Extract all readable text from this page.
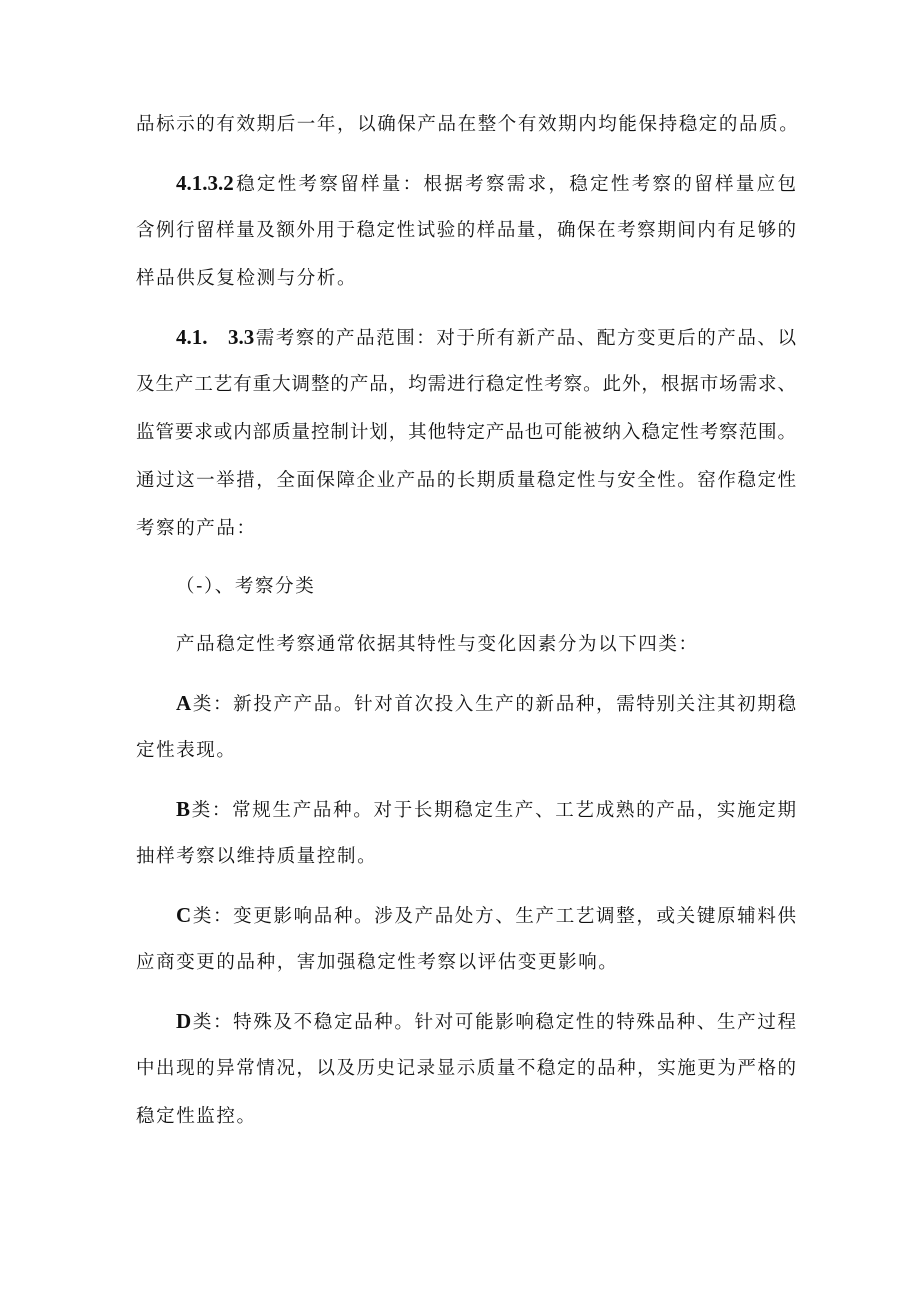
品标示的有效期后一年，以确保产品在整个有效期内均能保持稳定的品质。
4.1.3.2稳定性考察留样量：根据考察需求，稳定性考察的留样量应包
含例行留样量及额外用于稳定性试验的样品量，确保在考察期间内有足够的
样品供反复检测与分析。
4.1.   3.3需考察的产品范围：对于所有新产品、配方变更后的产品、以
及生产工艺有重大调整的产品，均需进行稳定性考察。此外，根据市场需求、
监管要求或内部质量控制计划，其他特定产品也可能被纳入稳定性考察范围。
通过这一举措，全面保障企业产品的长期质量稳定性与安全性。窑作稳定性
考察的产品：
（-）、考察分类
产品稳定性考察通常依据其特性与变化因素分为以下四类：
A类：新投产产品。针对首次投入生产的新品种，需特别关注其初期稳
定性表现。
B类：常规生产品种。对于长期稳定生产、工艺成熟的产品，实施定期
抽样考察以维持质量控制。
C类：变更影响品种。涉及产品处方、生产工艺调整，或关键原辅料供
应商变更的品种，害加强稳定性考察以评估变更影响。
D类：特殊及不稳定品种。针对可能影响稳定性的特殊品种、生产过程
中出现的异常情况，以及历史记录显示质量不稳定的品种，实施更为严格的
稳定性监控。
